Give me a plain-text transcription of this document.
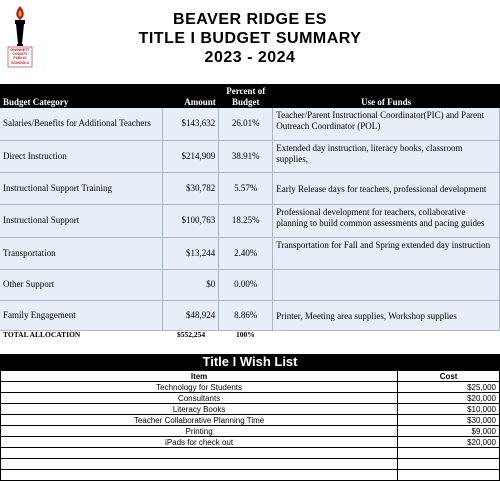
GWINNETT COUNTY PUBLIC SCHOOLS
BEAVER RIDGE ES
TITLE I BUDGET SUMMARY
2023 - 2024
Budget Category	Amount	Percent of Budget	Use of Funds
Salaries/Benefits for Additional Teachers	$143,632	26.01%	Teacher/Parent Instructional Coordinator(PIC) and Parent Outreach Coordinator (POL)
Direct Instruction	$214,909	38.91%	Extended day instruction, literacy books, classroom supplies,
Instructional Support Training	$30,782	5.57%	Early Release days for teachers, professional development
Instructional Support	$100,763	18.25%	Professional development for teachers, collaborative planning to build common assessments and pacing guides
Transportation	$13,244	2.40%	Transportation for Fall and Spring extended day instruction
Other Support	$0	0.00%	
Family Engagement	$48,924	8.86%	Printer, Meeting area supplies, Workshop supplies
TOTAL ALLOCATION	$552,254	100%
Title I Wish List
Item	Cost
Technology for Students	$25,000
Consultants	$20,000
Literacy Books	$10,000
Teacher Collaborative Planning Time	$30,000
Printing	$9,000
iPads for check out	$20,000
